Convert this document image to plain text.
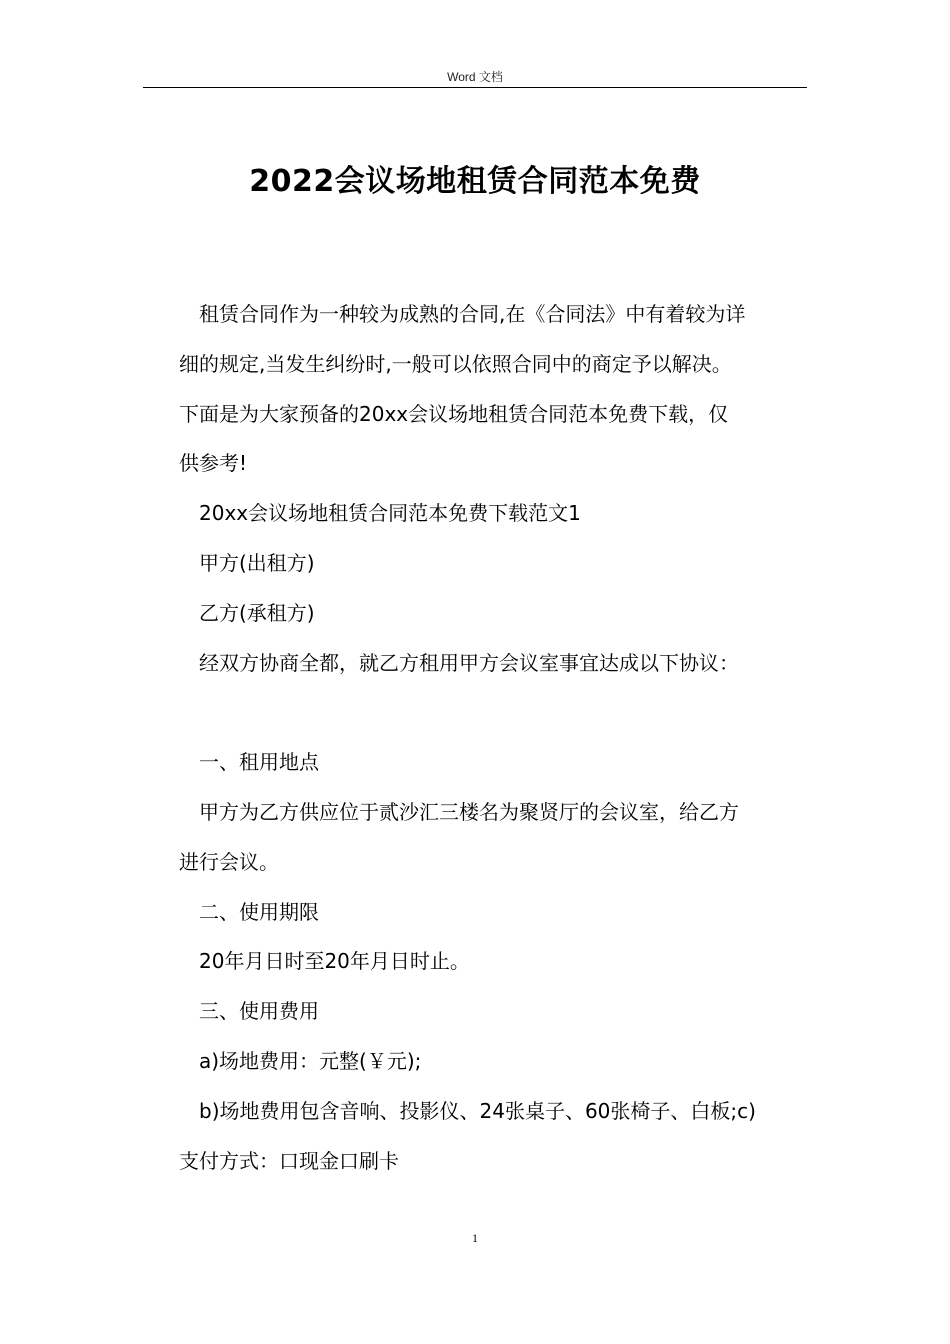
Word 文档
2022会议场地租赁合同范本免费

租赁合同作为一种较为成熟的合同,在《合同法》中有着较为详

细的规定,当发生纠纷时,一般可以依照合同中的商定予以解决。

下面是为大家预备的20xx会议场地租赁合同范本免费下载，仅

供参考!

20xx会议场地租赁合同范本免费下载范文1

甲方(出租方)

乙方(承租方)

经双方协商全都，就乙方租用甲方会议室事宜达成以下协议：

一、租用地点

甲方为乙方供应位于贰沙汇三楼名为聚贤厅的会议室，给乙方

进行会议。

二、使用期限

20年月日时至20年月日时止。

三、使用费用

a)场地费用：元整(￥元);

b)场地费用包含音响、投影仪、24张桌子、60张椅子、白板;c)

支付方式：口现金口刷卡

1
